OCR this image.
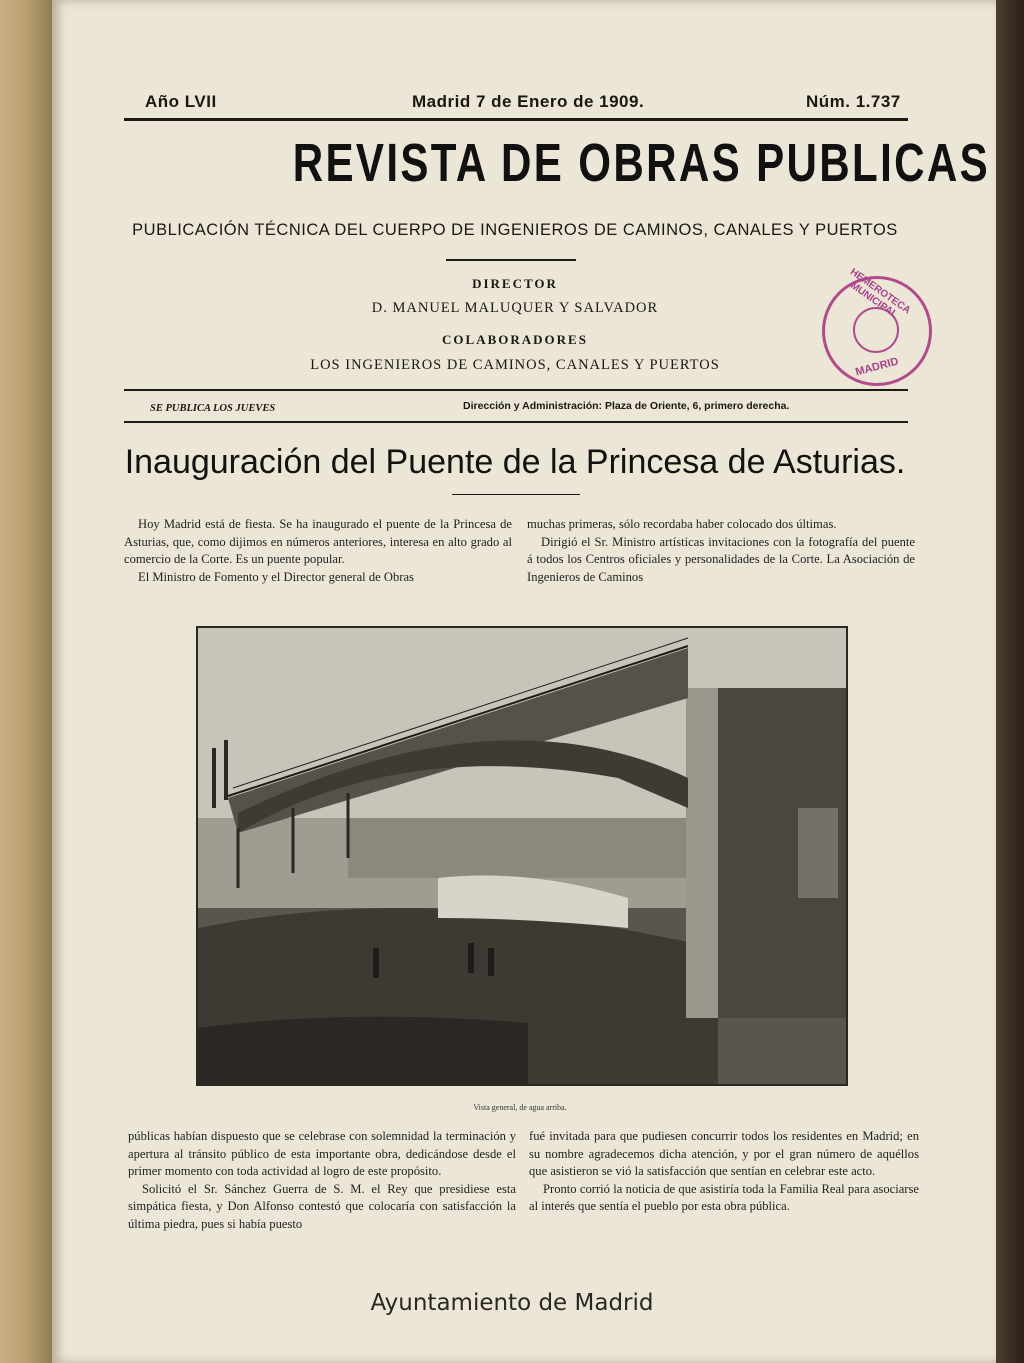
Año LVII	Madrid 7 de Enero de 1909.	Núm. 1.737
REVISTA DE OBRAS PUBLICAS
PUBLICACIÓN TÉCNICA DEL CUERPO DE INGENIEROS DE CAMINOS, CANALES Y PUERTOS
DIRECTOR
D. MANUEL MALUQUER Y SALVADOR
COLABORADORES
LOS INGENIEROS DE CAMINOS, CANALES Y PUERTOS
HEMEROTECA MUNICIPAL
MADRID
SE PUBLICA LOS JUEVES	Dirección y Administración: Plaza de Oriente, 6, primero derecha.
Inauguración del Puente de la Princesa de Asturias.

Hoy Madrid está de fiesta. Se ha inaugurado el puente de la Princesa de Asturias, que, como dijimos en números anteriores, interesa en alto grado al comercio de la Corte. Es un puente popular.

El Ministro de Fomento y el Director general de Obras

muchas primeras, sólo recordaba haber colocado dos últimas.

Dirigió el Sr. Ministro artísticas invitaciones con la fotografía del puente á todos los Centros oficiales y personalidades de la Corte. La Asociación de Ingenieros de Caminos

Vista general, de agua arriba.

públicas habían dispuesto que se celebrase con solemnidad la terminación y apertura al tránsito público de esta importante obra, dedicándose desde el primer momento con toda actividad al logro de este propósito.

Solicitó el Sr. Sánchez Guerra de S. M. el Rey que presidiese esta simpática fiesta, y Don Alfonso contestó que colocaría con satisfacción la última piedra, pues si había puesto

fué invitada para que pudiesen concurrir todos los residentes en Madrid; en su nombre agradecemos dicha atención, y por el gran número de aquéllos que asistieron se vió la satisfacción que sentían en celebrar este acto.

Pronto corrió la noticia de que asistiría toda la Familia Real para asociarse al interés que sentía el pueblo por esta obra pública.

Ayuntamiento de Madrid
